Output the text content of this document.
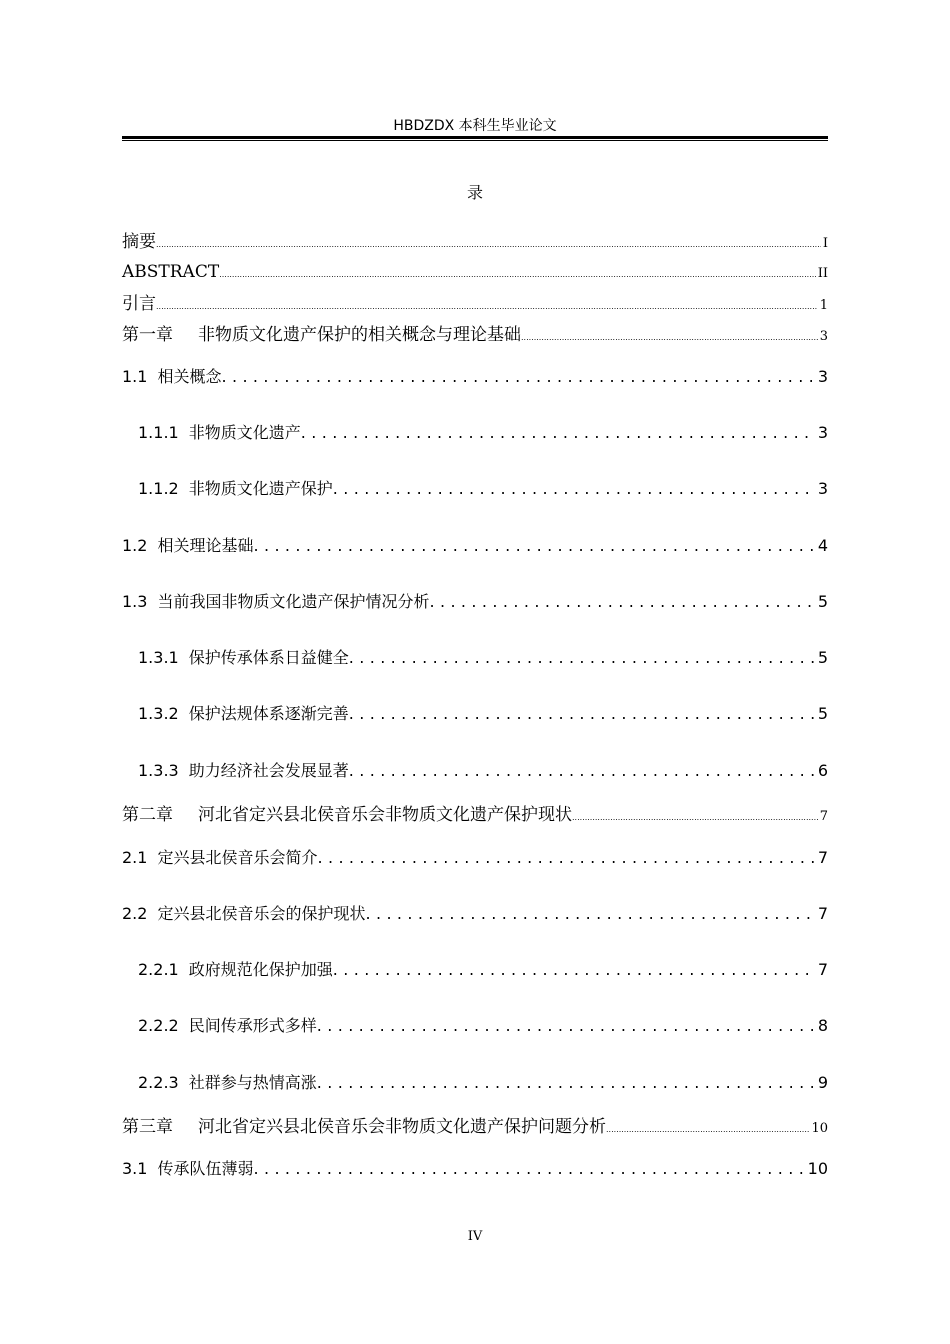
HBDZDX 本科生毕业论文
录
摘要 .....	I
ABSTRACT .....	II
引言 .....	1
第一章 非物质文化遗产保护的相关概念与理论基础 .....	3
1.1 相关概念 .....	3
1.1.1 非物质文化遗产 .....	3
1.1.2 非物质文化遗产保护 .....	3
1.2 相关理论基础 .....	4
1.3 当前我国非物质文化遗产保护情况分析 .....	5
1.3.1 保护传承体系日益健全 .....	5
1.3.2 保护法规体系逐渐完善 .....	5
1.3.3 助力经济社会发展显著 .....	6
第二章 河北省定兴县北侯音乐会非物质文化遗产保护现状 .....	7
2.1 定兴县北侯音乐会简介 .....	7
2.2 定兴县北侯音乐会的保护现状 .....	7
2.2.1 政府规范化保护加强 .....	7
2.2.2 民间传承形式多样 .....	8
2.2.3 社群参与热情高涨 .....	9
第三章 河北省定兴县北侯音乐会非物质文化遗产保护问题分析 .....	10
3.1 传承队伍薄弱 .....	10
IV
